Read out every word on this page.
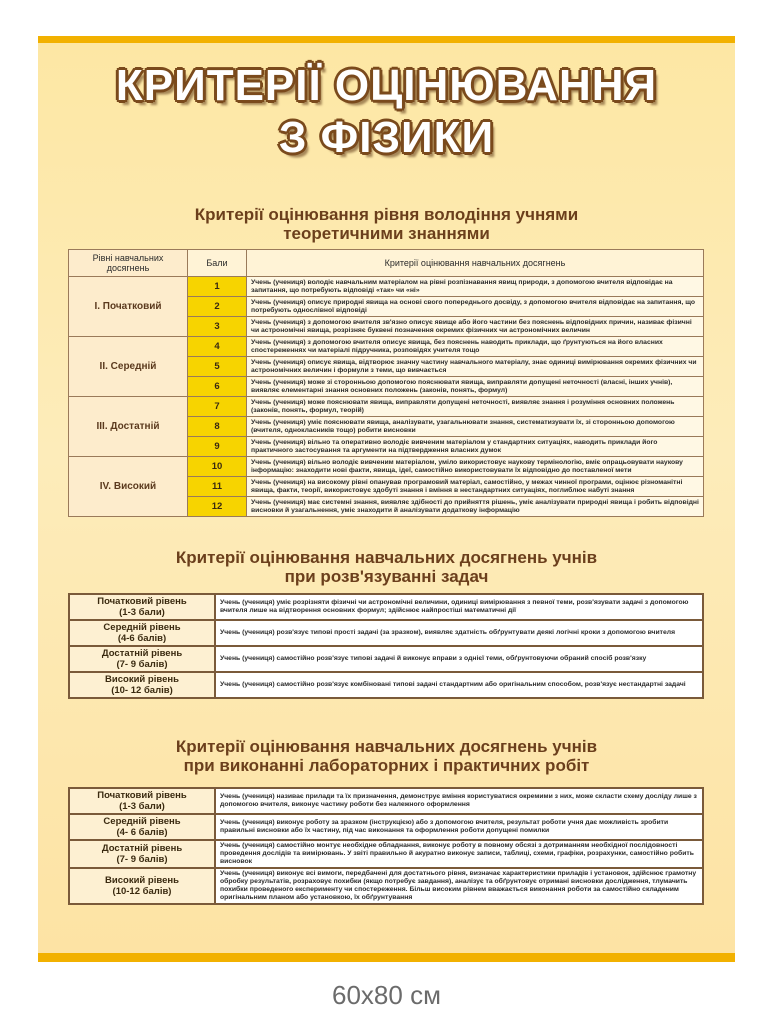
КРИТЕРІЇ ОЦІНЮВАННЯ
З ФІЗИКИ
Критерії оцінювання рівня володіння учнями
теоретичними знаннями
Рівні навчальних досягнень	Бали	Критерії оцінювання навчальних досягнень
І. Початковий	1	Учень (учениця) володіє навчальним матеріалом на рівні розпізнавання явищ природи, з допомогою вчителя відповідає на запитання, що потребують відповіді «так» чи «ні»
	2	Учень (учениця) описує природні явища на основі свого попереднього досвіду, з допомогою вчителя відповідає на запитання, що потребують однослівної відповіді
	3	Учень (учениця) з допомогою вчителя зв'язно описує явище або його частини без пояснень відповідних причин, називає фізичні чи астрономічні явища, розрізняє буквені позначення окремих фізичних чи астрономічних величин
ІІ. Середній	4	Учень (учениця) з допомогою вчителя описує явища, без пояснень наводить приклади, що ґрунтуються на його власних спостереженнях чи матеріалі підручника, розповідях учителя тощо
	5	Учень (учениця) описує явища, відтворює значну частину навчального матеріалу, знає одиниці вимірювання окремих фізичних чи астрономічних величин і формули з теми, що вивчається
	6	Учень (учениця) може зі сторонньою допомогою пояснювати явища, виправляти допущені неточності (власні, інших учнів), виявляє елементарні знання основних положень (законів, понять, формул)
ІІІ. Достатній	7	Учень (учениця) може пояснювати явища, виправляти допущені неточності, виявляє знання і розуміння основних положень (законів, понять, формул, теорій)
	8	Учень (учениця) уміє пояснювати явища, аналізувати, узагальнювати знання, систематизувати їх, зі сторонньою допомогою (вчителя, однокласників тощо) робити висновки
	9	Учень (учениця) вільно та оперативно володіє вивченим матеріалом у стандартних ситуаціях, наводить приклади його практичного застосування та аргументи на підтвердження власних думок
ІV. Високий	10	Учень (учениця) вільно володіє вивченим матеріалом, уміло використовує наукову термінологію, вміє опрацьовувати наукову інформацію: знаходити нові факти, явища, ідеї, самостійно використовувати їх відповідно до поставленої мети
	11	Учень (учениця) на високому рівні опанував програмовий матеріал, самостійно, у межах чинної програми, оцінює різноманітні явища, факти, теорії, використовує здобуті знання і вміння в нестандартних ситуаціях, поглиблює набуті знання
	12	Учень (учениця) має системні знання, виявляє здібності до прийняття рішень, уміє аналізувати природні явища і робить відповідні висновки й узагальнення, уміє знаходити й аналізувати додаткову інформацію
Критерії оцінювання навчальних досягнень учнів
при розв'язуванні задач
Початковий рівень
(1-3 бали)	Учень (учениця) уміє розрізняти фізичні чи астрономічні величини, одиниці вимірювання з певної теми, розв'язувати задачі з допомогою вчителя лише на відтворення основних формул; здійснює найпростіші математичні дії

Середній рівень
(4-6 балів)	Учень (учениця) розв'язує типові прості задачі (за зразком), виявляє здатність обґрунтувати деякі логічні кроки з допомогою вчителя

Достатній рівень
(7- 9 балів)	Учень (учениця) самостійно розв'язує типові задачі й виконує вправи з однієї теми, обґрунтовуючи обраний спосіб розв'язку

Високий рівень
(10- 12 балів)	Учень (учениця) самостійно розв'язує комбіновані типові задачі стандартним або оригінальним способом, розв'язує нестандартні задачі
Критерії оцінювання навчальних досягнень учнів
при виконанні лабораторних і практичних робіт
Початковий рівень
(1-3 бали)	Учень (учениця) називає прилади та їх призначення, демонструє вміння користуватися окремими з них, може скласти схему досліду лише з допомогою вчителя, виконує частину роботи без належного оформлення

Середній рівень
(4- 6 балів)	Учень (учениця) виконує роботу за зразком (інструкцією) або з допомогою вчителя, результат роботи учня дає можливість зробити правильні висновки або їх частину, під час виконання та оформлення роботи допущені помилки

Достатній рівень
(7- 9 балів)	Учень (учениця) самостійно монтує необхідне обладнання, виконує роботу в повному обсязі з дотриманням необхідної послідовності проведення дослідів та вимірювань. У звіті правильно й акуратно виконує записи, таблиці, схеми, графіки, розрахунки, самостійно робить висновок

Високий рівень
(10-12 балів)	Учень (учениця) виконує всі вимоги, передбачені для достатнього рівня, визначає характеристики приладів і установок, здійснює грамотну обробку результатів, розраховує похибки (якщо потребує завдання), аналізує та обґрунтовує отримані висновки дослідження, тлумачить похибки проведеного експерименту чи спостереження. Більш високим рівнем вважається виконання роботи за самостійно складеним оригінальним планом або установкою, їх обґрунтування
60x80 см
